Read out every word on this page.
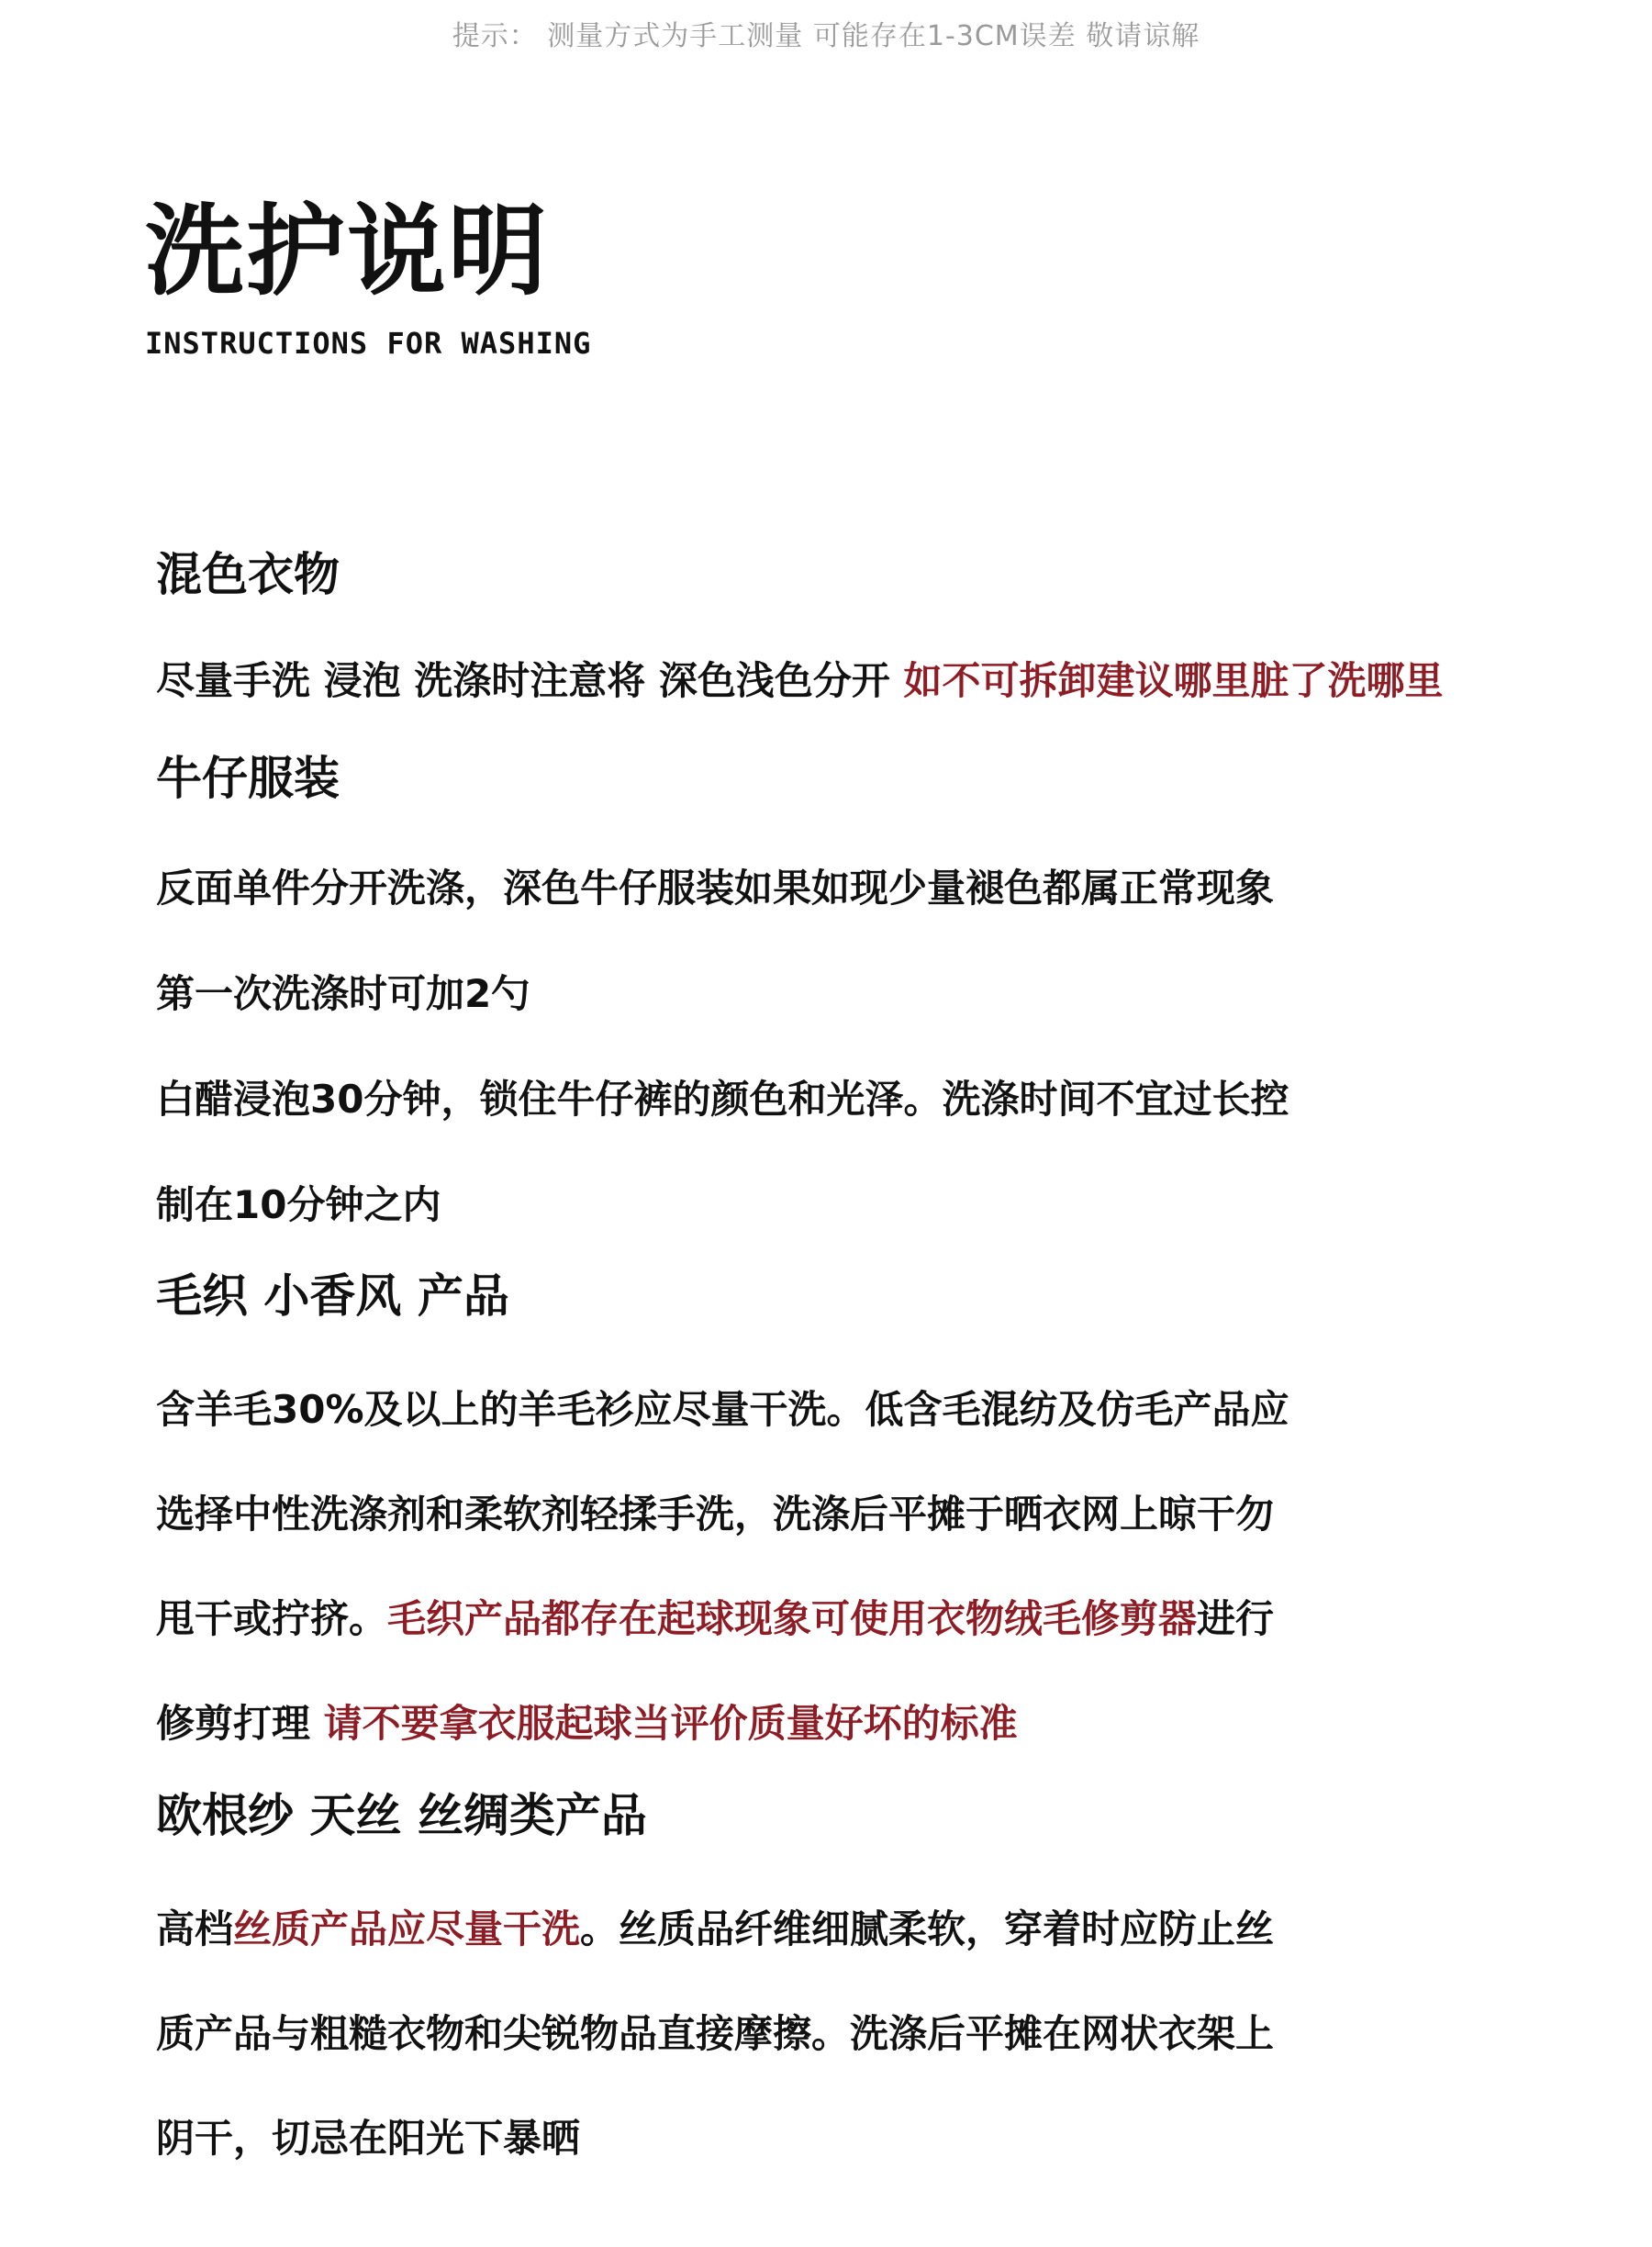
提示： 测量方式为手工测量 可能存在1-3CM误差 敬请谅解
洗护说明
INSTRUCTIONS FOR WASHING
混色衣物
尽量手洗 浸泡 洗涤时注意将 深色浅色分开 如不可拆卸建议哪里脏了洗哪里
牛仔服装
反面单件分开洗涤，深色牛仔服装如果如现少量褪色都属正常现象
第一次洗涤时可加2勺
白醋浸泡30分钟，锁住牛仔裤的颜色和光泽。洗涤时间不宜过长控
制在10分钟之内
毛织 小香风 产品
含羊毛30%及以上的羊毛衫应尽量干洗。低含毛混纺及仿毛产品应
选择中性洗涤剂和柔软剂轻揉手洗，洗涤后平摊于晒衣网上晾干勿
甩干或拧挤。毛织产品都存在起球现象可使用衣物绒毛修剪器进行
修剪打理 请不要拿衣服起球当评价质量好坏的标准
欧根纱 天丝 丝绸类产品
高档丝质产品应尽量干洗。丝质品纤维细腻柔软，穿着时应防止丝
质产品与粗糙衣物和尖锐物品直接摩擦。洗涤后平摊在网状衣架上
阴干，切忌在阳光下暴晒
